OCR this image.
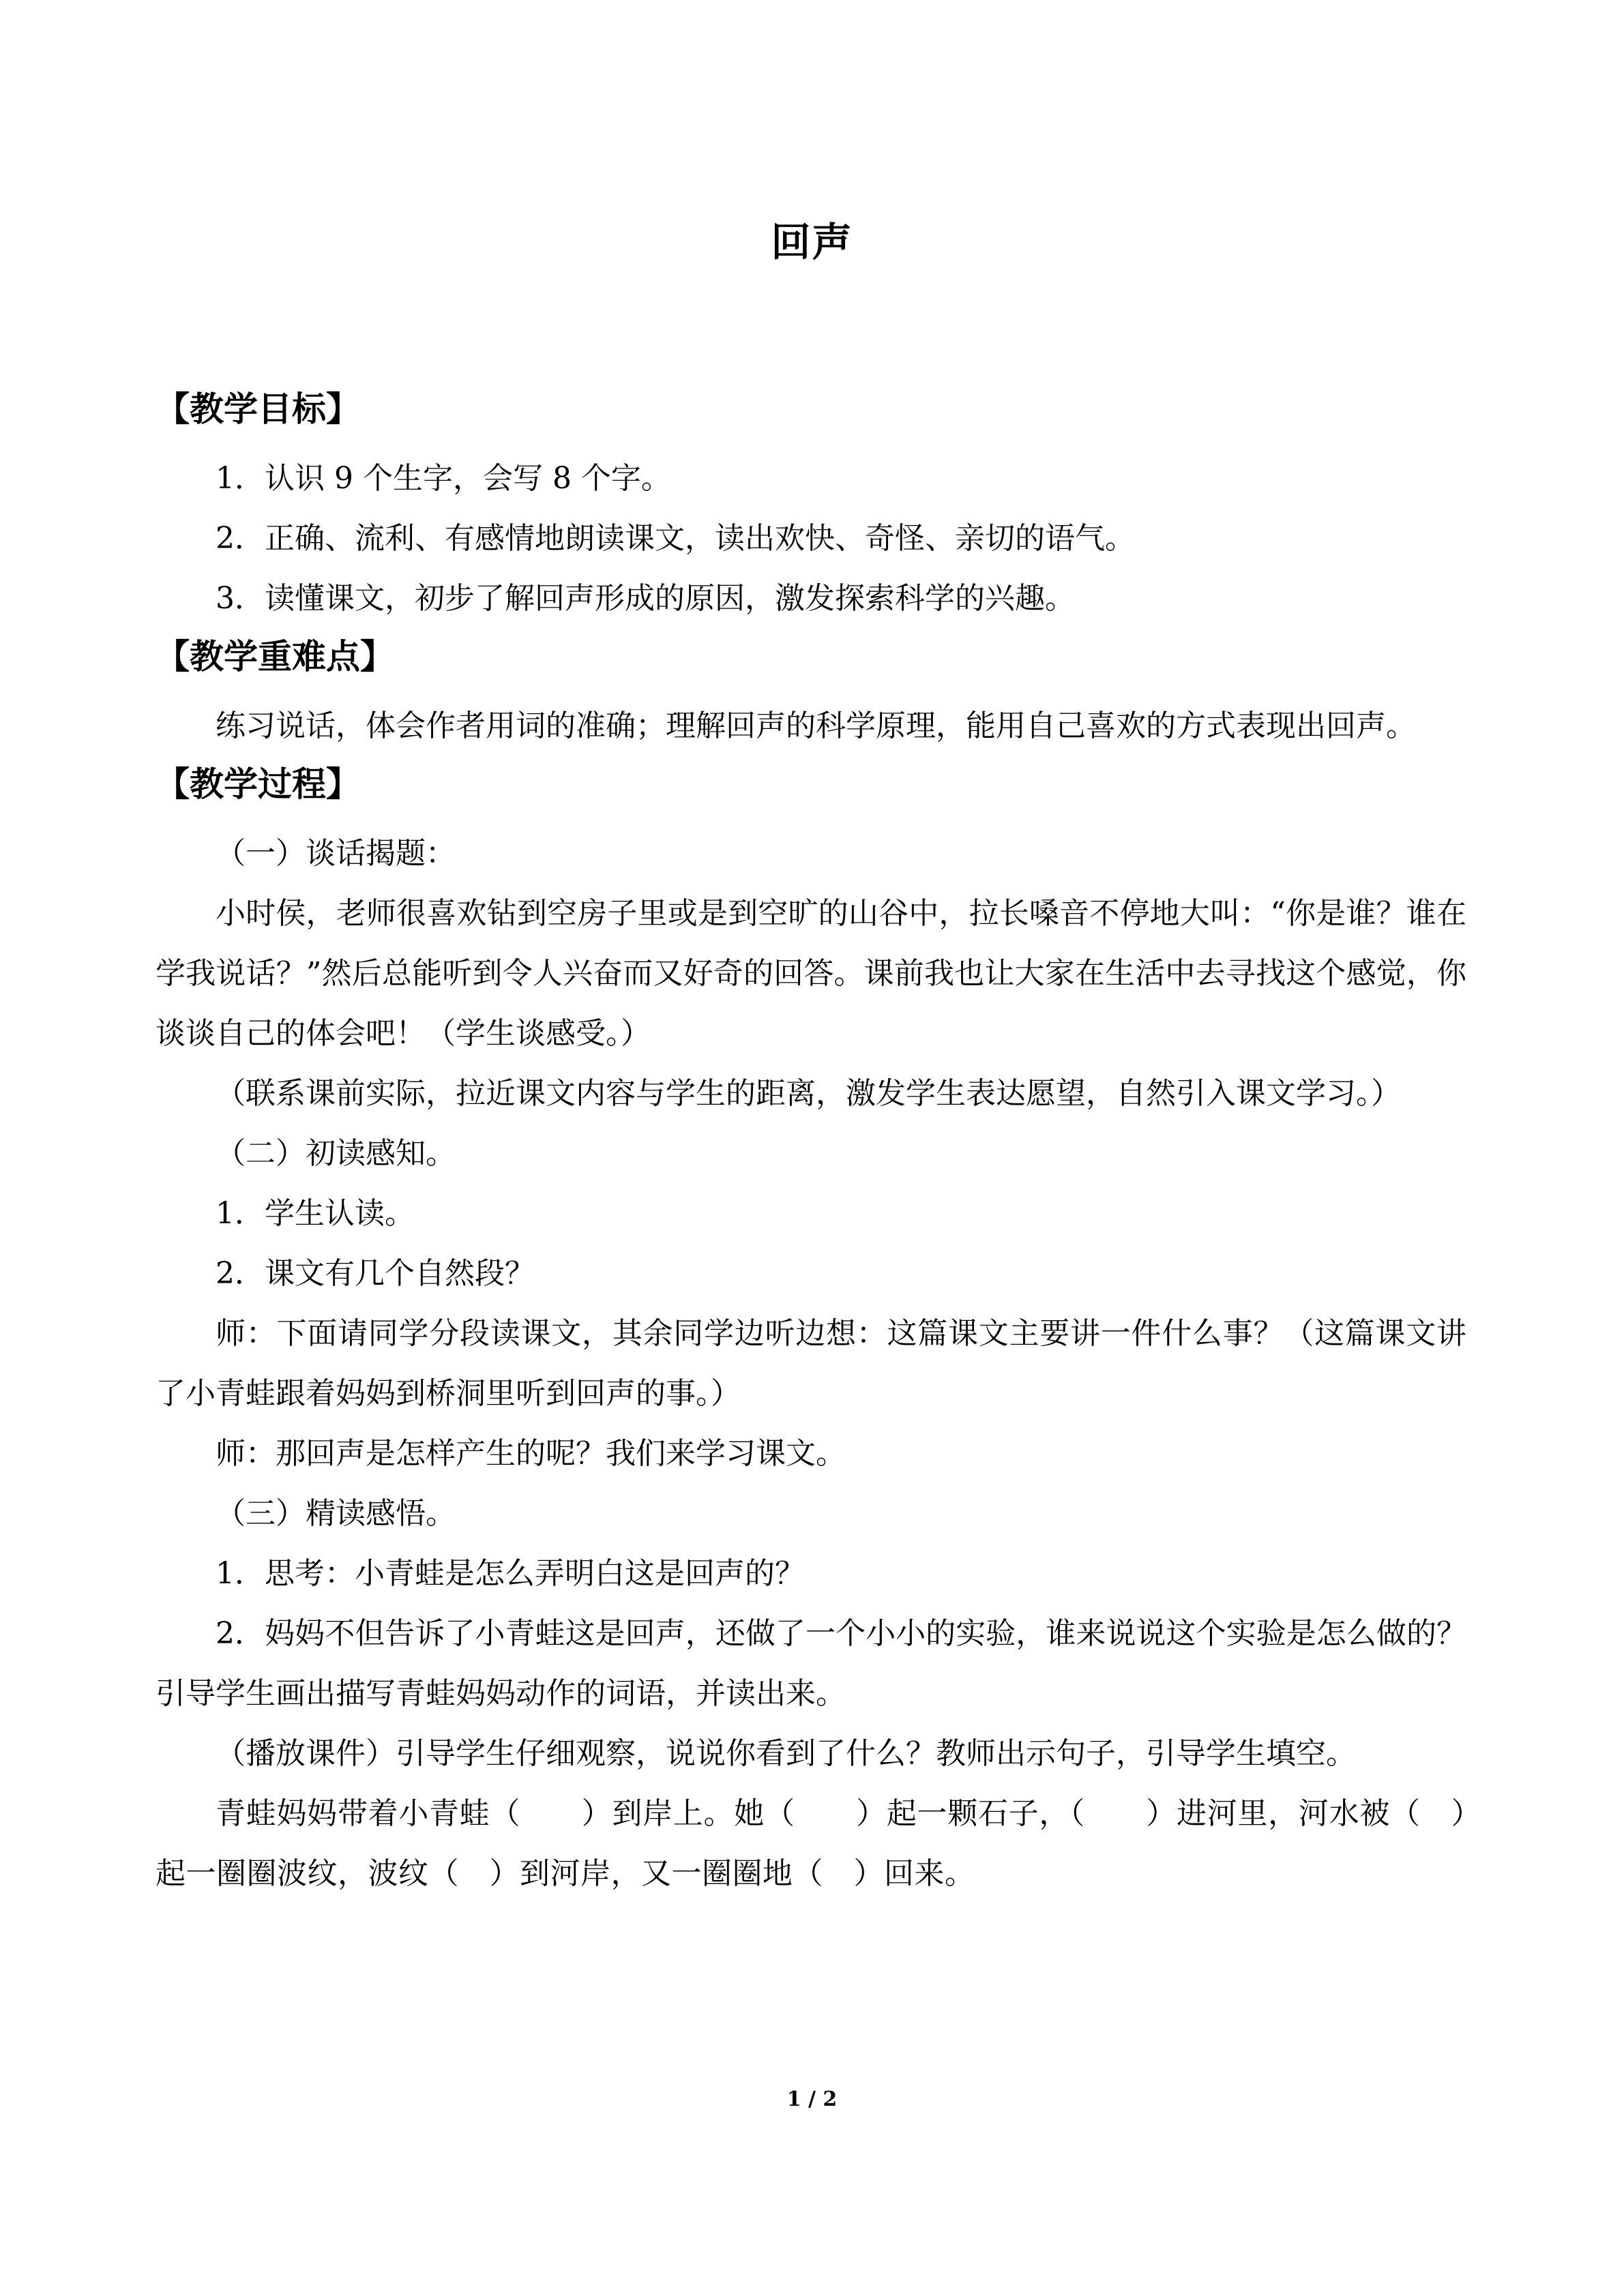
回声
【教学目标】

1．认识 9 个生字，会写 8 个字。

2．正确、流利、有感情地朗读课文，读出欢快、奇怪、亲切的语气。

3．读懂课文，初步了解回声形成的原因，激发探索科学的兴趣。

【教学重难点】

练习说话，体会作者用词的准确；理解回声的科学原理，能用自己喜欢的方式表现出回声。

【教学过程】

（一）谈话揭题：

小时侯，老师很喜欢钻到空房子里或是到空旷的山谷中，拉长嗓音不停地大叫：“你是谁？谁在学我说话？”然后总能听到令人兴奋而又好奇的回答。课前我也让大家在生活中去寻找这个感觉，你谈谈自己的体会吧！（学生谈感受。）

（联系课前实际，拉近课文内容与学生的距离，激发学生表达愿望，自然引入课文学习。）

（二）初读感知。

1．学生认读。

2．课文有几个自然段？

师：下面请同学分段读课文，其余同学边听边想：这篇课文主要讲一件什么事？（这篇课文讲了小青蛙跟着妈妈到桥洞里听到回声的事。）

师：那回声是怎样产生的呢？我们来学习课文。

（三）精读感悟。

1．思考：小青蛙是怎么弄明白这是回声的？

2．妈妈不但告诉了小青蛙这是回声，还做了一个小小的实验，谁来说说这个实验是怎么做的？引导学生画出描写青蛙妈妈动作的词语，并读出来。

（播放课件）引导学生仔细观察，说说你看到了什么？教师出示句子，引导学生填空。

青蛙妈妈带着小青蛙（　　）到岸上。她（　　）起一颗石子，（　　）进河里，河水被（　）起一圈圈波纹，波纹（　）到河岸，又一圈圈地（　）回来。

1 / 2
